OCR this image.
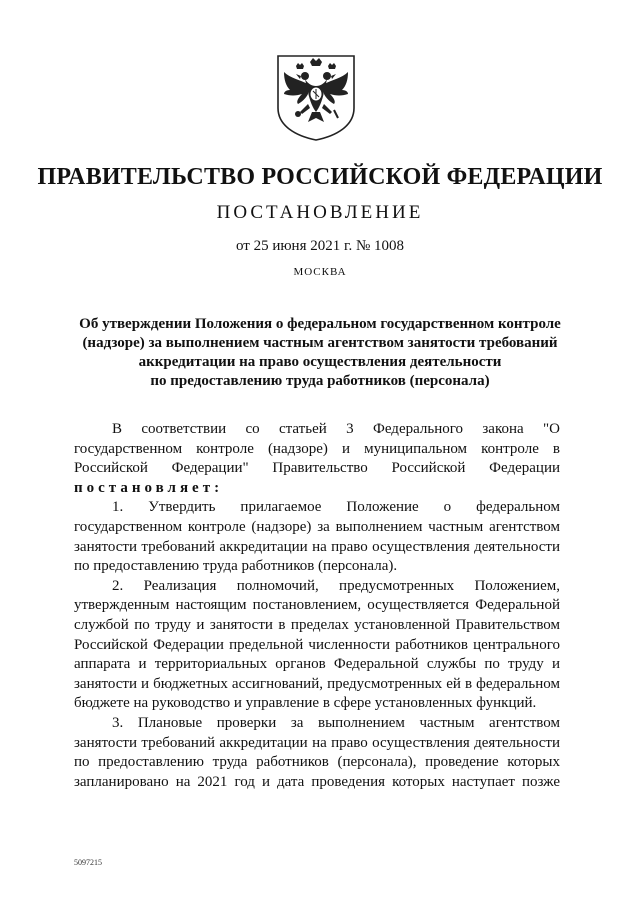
ПРАВИТЕЛЬСТВО РОССИЙСКОЙ ФЕДЕРАЦИИ
ПОСТАНОВЛЕНИЕ
от 25 июня 2021 г. № 1008
МОСКВА
Об утверждении Положения о федеральном государственном контроле
(надзоре) за выполнением частным агентством занятости требований
аккредитации на право осуществления деятельности
по предоставлению труда работников (персонала)

В соответствии со статьей 3 Федерального закона "О государственном контроле (надзоре) и муниципальном контроле в Российской Федерации" Правительство Российской Федерации

постановляет:

1. Утвердить прилагаемое Положение о федеральном государственном контроле (надзоре) за выполнением частным агентством занятости требований аккредитации на право осуществления деятельности по предоставлению труда работников (персонала).

2. Реализация полномочий, предусмотренных Положением, утвержденным настоящим постановлением, осуществляется Федеральной службой по труду и занятости в пределах установленной Правительством Российской Федерации предельной численности работников центрального аппарата и территориальных органов Федеральной службы по труду и занятости и бюджетных ассигнований, предусмотренных ей в федеральном бюджете на руководство и управление в сфере установленных функций.

3. Плановые проверки за выполнением частным агентством занятости требований аккредитации на право осуществления деятельности по предоставлению труда работников (персонала), проведение которых запланировано на 2021 год и дата проведения которых наступает позже

5097215
